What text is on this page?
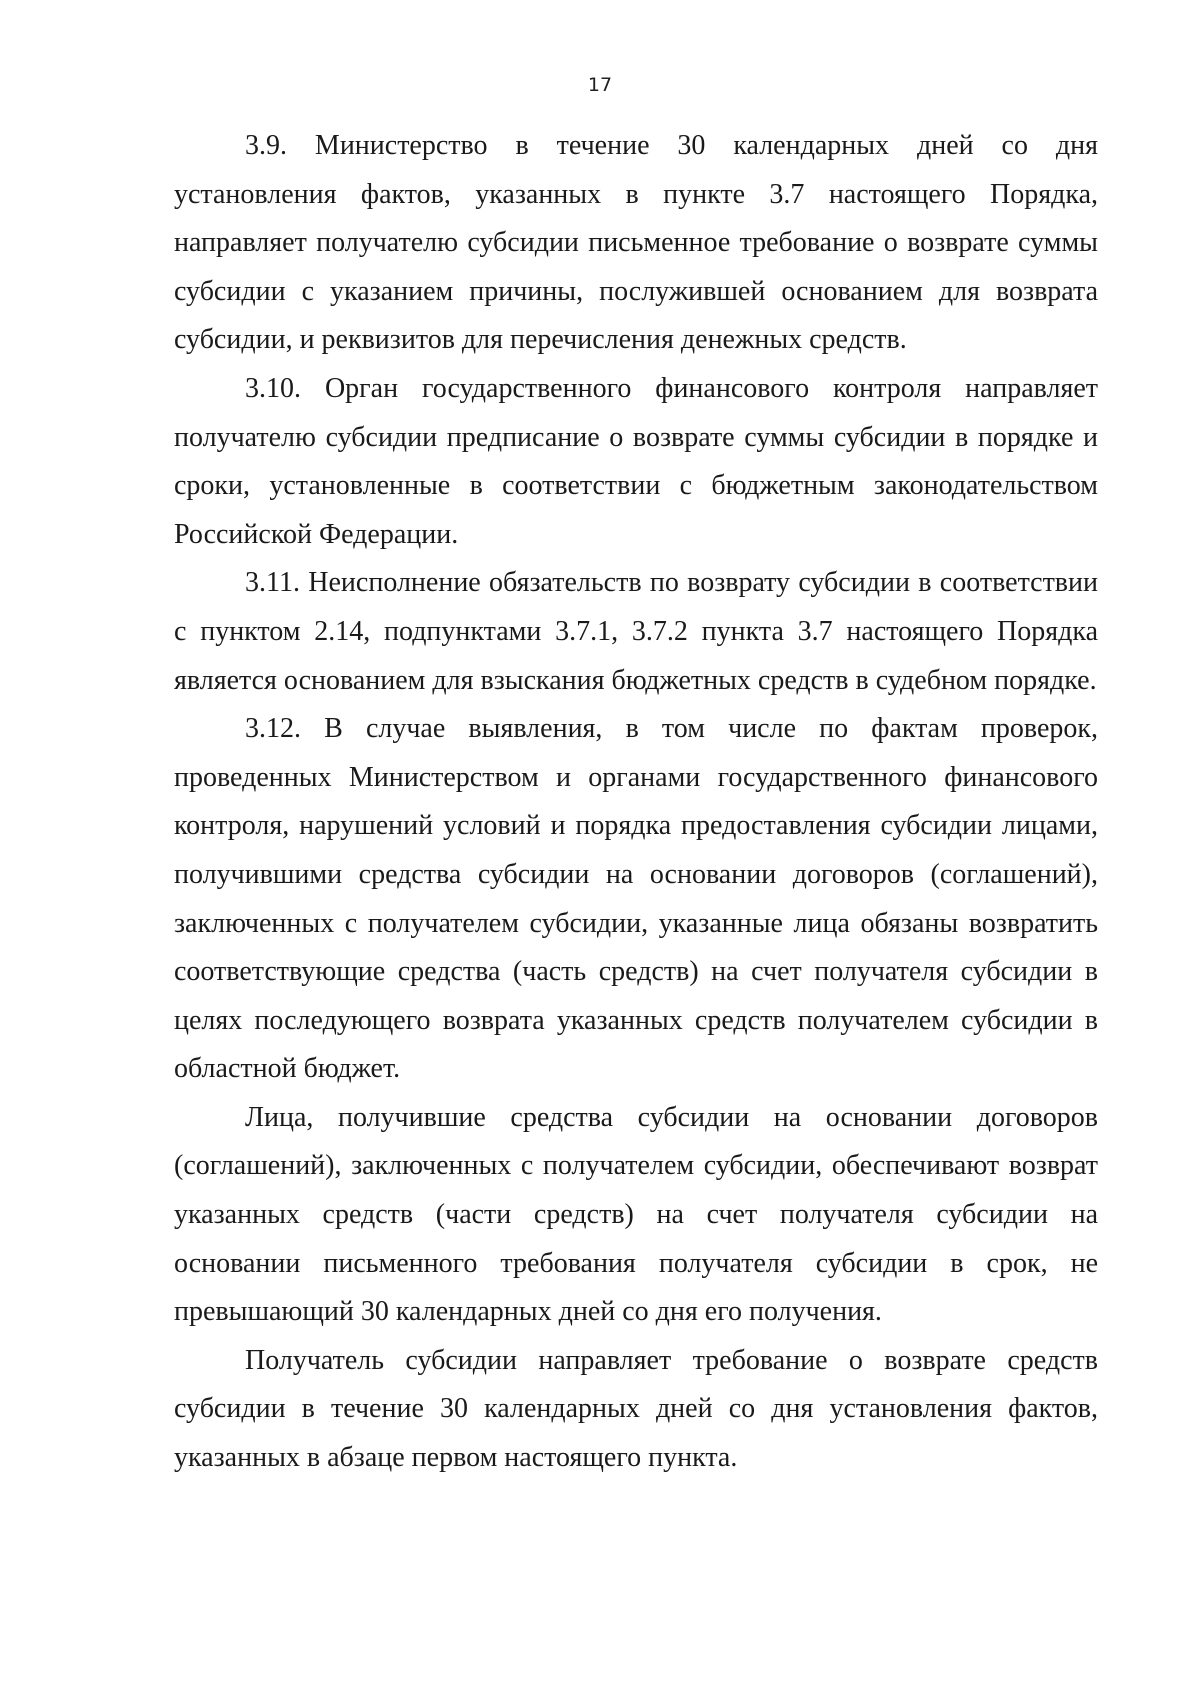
17

3.9. Министерство в течение 30 календарных дней со дня установления фактов, указанных в пункте 3.7 настоящего Порядка, направляет получателю субсидии письменное требование о возврате суммы субсидии с указанием причины, послужившей основанием для возврата субсидии, и реквизитов для перечисления денежных средств.

3.10. Орган государственного финансового контроля направляет получателю субсидии предписание о возврате суммы субсидии в порядке и сроки, установленные в соответствии с бюджетным законодательством Российской Федерации.

3.11. Неисполнение обязательств по возврату субсидии в соответствии с пунктом 2.14, подпунктами 3.7.1, 3.7.2 пункта 3.7 настоящего Порядка является основанием для взыскания бюджетных средств в судебном порядке.

3.12. В случае выявления, в том числе по фактам проверок, проведенных Министерством и органами государственного финансового контроля, нарушений условий и порядка предоставления субсидии лицами, получившими средства субсидии на основании договоров (соглашений), заключенных с получателем субсидии, указанные лица обязаны возвратить соответствующие средства (часть средств) на счет получателя субсидии в целях последующего возврата указанных средств получателем субсидии в областной бюджет.

Лица, получившие средства субсидии на основании договоров (соглашений), заключенных с получателем субсидии, обеспечивают возврат указанных средств (части средств) на счет получателя субсидии на основании письменного требования получателя субсидии в срок, не превышающий 30 календарных дней со дня его получения.

Получатель субсидии направляет требование о возврате средств субсидии в течение 30 календарных дней со дня установления фактов, указанных в абзаце первом настоящего пункта.
